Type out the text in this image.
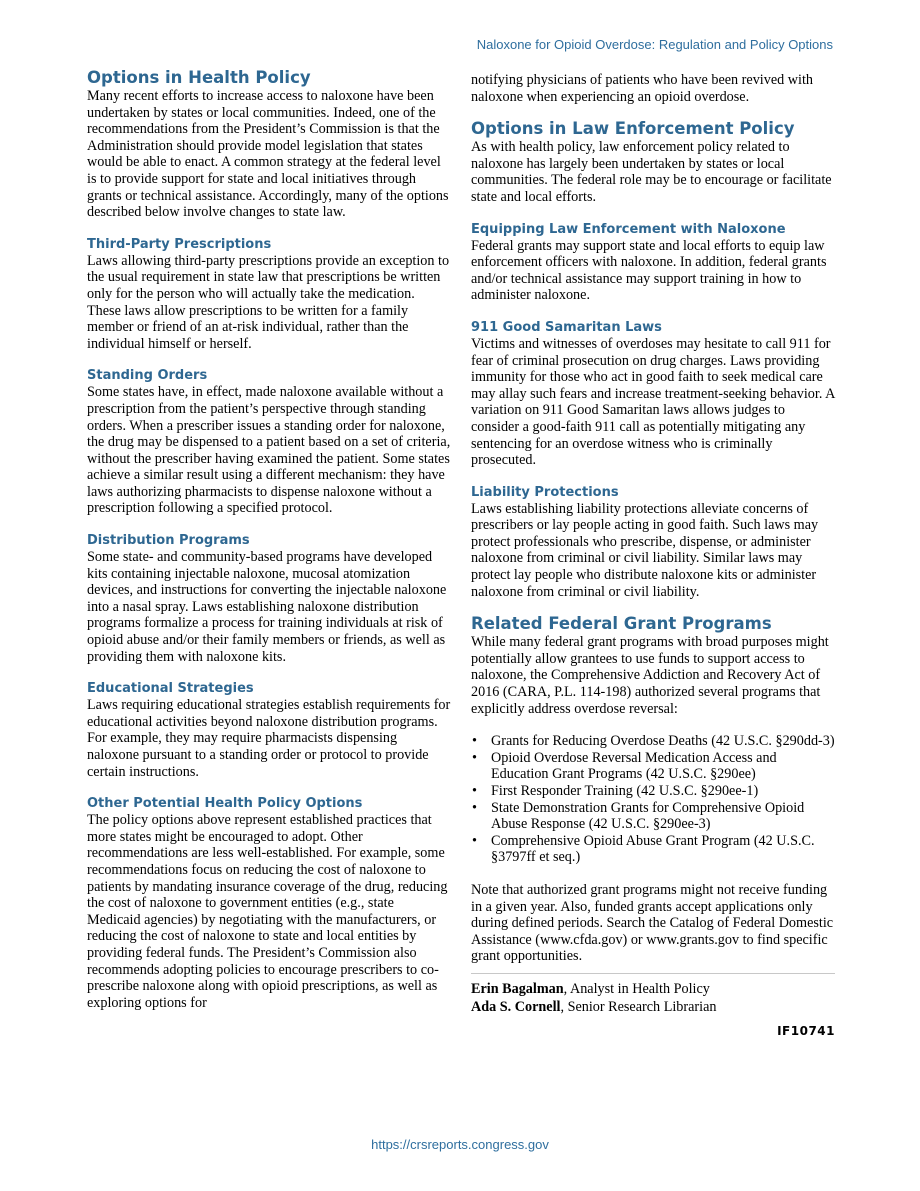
Naloxone for Opioid Overdose: Regulation and Policy Options
Options in Health Policy

Many recent efforts to increase access to naloxone have been undertaken by states or local communities. Indeed, one of the recommendations from the President’s Commission is that the Administration should provide model legislation that states would be able to enact. A common strategy at the federal level is to provide support for state and local initiatives through grants or technical assistance. Accordingly, many of the options described below involve changes to state law.

Third-Party Prescriptions

Laws allowing third-party prescriptions provide an exception to the usual requirement in state law that prescriptions be written only for the person who will actually take the medication. These laws allow prescriptions to be written for a family member or friend of an at-risk individual, rather than the individual himself or herself.

Standing Orders

Some states have, in effect, made naloxone available without a prescription from the patient’s perspective through standing orders. When a prescriber issues a standing order for naloxone, the drug may be dispensed to a patient based on a set of criteria, without the prescriber having examined the patient. Some states achieve a similar result using a different mechanism: they have laws authorizing pharmacists to dispense naloxone without a prescription following a specified protocol.

Distribution Programs

Some state- and community-based programs have developed kits containing injectable naloxone, mucosal atomization devices, and instructions for converting the injectable naloxone into a nasal spray. Laws establishing naloxone distribution programs formalize a process for training individuals at risk of opioid abuse and/or their family members or friends, as well as providing them with naloxone kits.

Educational Strategies

Laws requiring educational strategies establish requirements for educational activities beyond naloxone distribution programs. For example, they may require pharmacists dispensing naloxone pursuant to a standing order or protocol to provide certain instructions.

Other Potential Health Policy Options

The policy options above represent established practices that more states might be encouraged to adopt. Other recommendations are less well-established. For example, some recommendations focus on reducing the cost of naloxone to patients by mandating insurance coverage of the drug, reducing the cost of naloxone to government entities (e.g., state Medicaid agencies) by negotiating with the manufacturers, or reducing the cost of naloxone to state and local entities by providing federal funds. The President’s Commission also recommends adopting policies to encourage prescribers to co-prescribe naloxone along with opioid prescriptions, as well as exploring options for

notifying physicians of patients who have been revived with naloxone when experiencing an opioid overdose.

Options in Law Enforcement Policy

As with health policy, law enforcement policy related to naloxone has largely been undertaken by states or local communities. The federal role may be to encourage or facilitate state and local efforts.

Equipping Law Enforcement with Naloxone

Federal grants may support state and local efforts to equip law enforcement officers with naloxone. In addition, federal grants and/or technical assistance may support training in how to administer naloxone.

911 Good Samaritan Laws

Victims and witnesses of overdoses may hesitate to call 911 for fear of criminal prosecution on drug charges. Laws providing immunity for those who act in good faith to seek medical care may allay such fears and increase treatment-seeking behavior. A variation on 911 Good Samaritan laws allows judges to consider a good-faith 911 call as potentially mitigating any sentencing for an overdose witness who is criminally prosecuted.

Liability Protections

Laws establishing liability protections alleviate concerns of prescribers or lay people acting in good faith. Such laws may protect professionals who prescribe, dispense, or administer naloxone from criminal or civil liability. Similar laws may protect lay people who distribute naloxone kits or administer naloxone from criminal or civil liability.

Related Federal Grant Programs

While many federal grant programs with broad purposes might potentially allow grantees to use funds to support access to naloxone, the Comprehensive Addiction and Recovery Act of 2016 (CARA, P.L. 114-198) authorized several programs that explicitly address overdose reversal:

• Grants for Reducing Overdose Deaths (42 U.S.C. §290dd-3)
• Opioid Overdose Reversal Medication Access and Education Grant Programs (42 U.S.C. §290ee)
• First Responder Training (42 U.S.C. §290ee-1)
• State Demonstration Grants for Comprehensive Opioid Abuse Response (42 U.S.C. §290ee-3)
• Comprehensive Opioid Abuse Grant Program (42 U.S.C. §3797ff et seq.)

Note that authorized grant programs might not receive funding in a given year. Also, funded grants accept applications only during defined periods. Search the Catalog of Federal Domestic Assistance (www.cfda.gov) or www.grants.gov to find specific grant opportunities.

Erin Bagalman, Analyst in Health Policy
Ada S. Cornell, Senior Research Librarian
IF10741
https://crsreports.congress.gov
